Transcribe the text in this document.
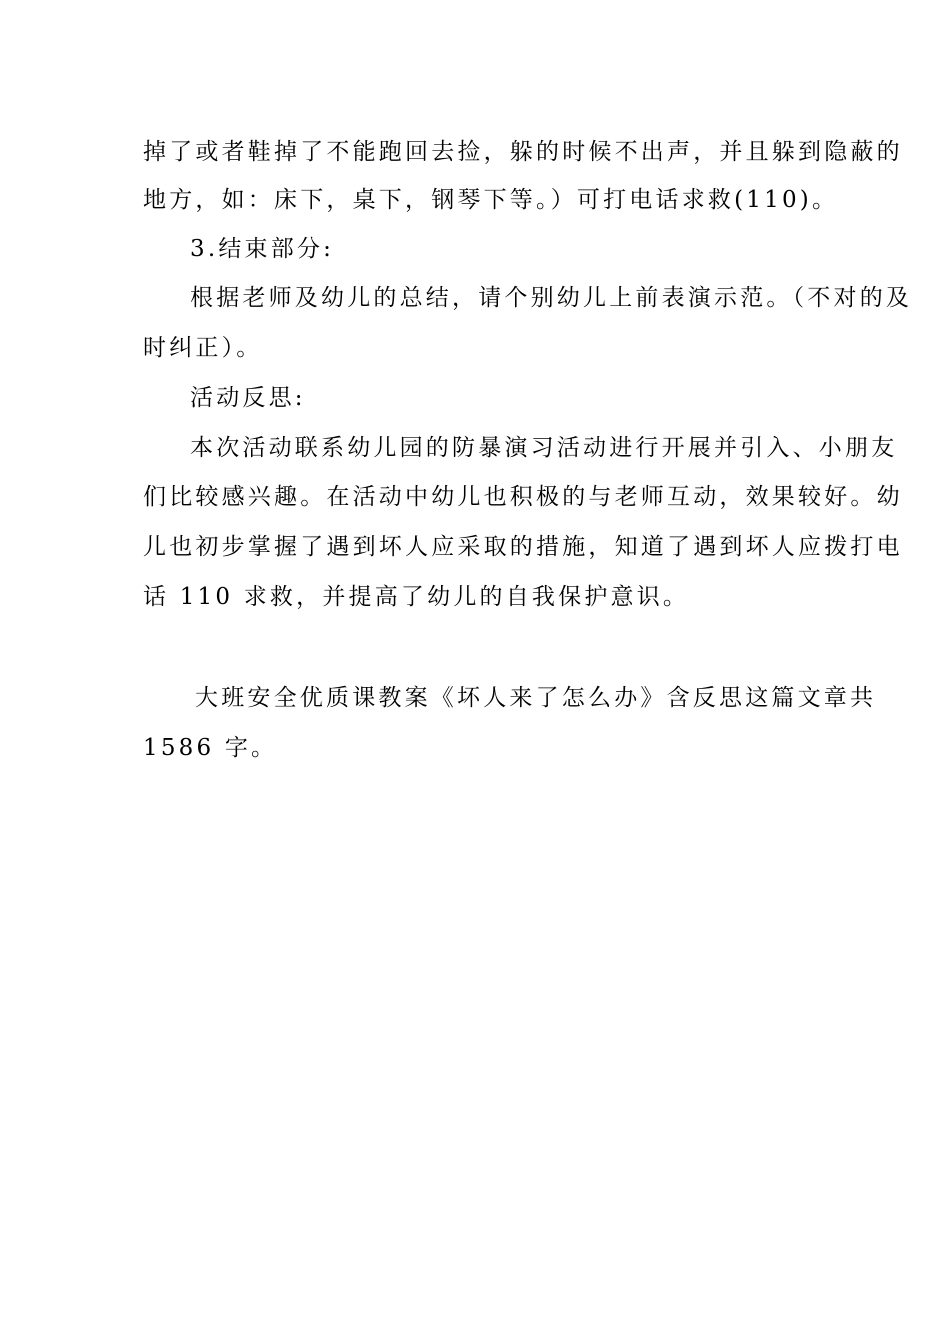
掉了或者鞋掉了不能跑回去捡，躲的时候不出声，并且躲到隐蔽的
地方，如：床下，桌下，钢琴下等。）可打电话求救(110)。
3.结束部分:
根据老师及幼儿的总结，请个别幼儿上前表演示范。（不对的及
时纠正）。
活动反思:
本次活动联系幼儿园的防暴演习活动进行开展并引入、小朋友
们比较感兴趣。在活动中幼儿也积极的与老师互动，效果较好。幼
儿也初步掌握了遇到坏人应采取的措施，知道了遇到坏人应拨打电
话 110 求救，并提高了幼儿的自我保护意识。
大班安全优质课教案《坏人来了怎么办》含反思这篇文章共
1586 字。
